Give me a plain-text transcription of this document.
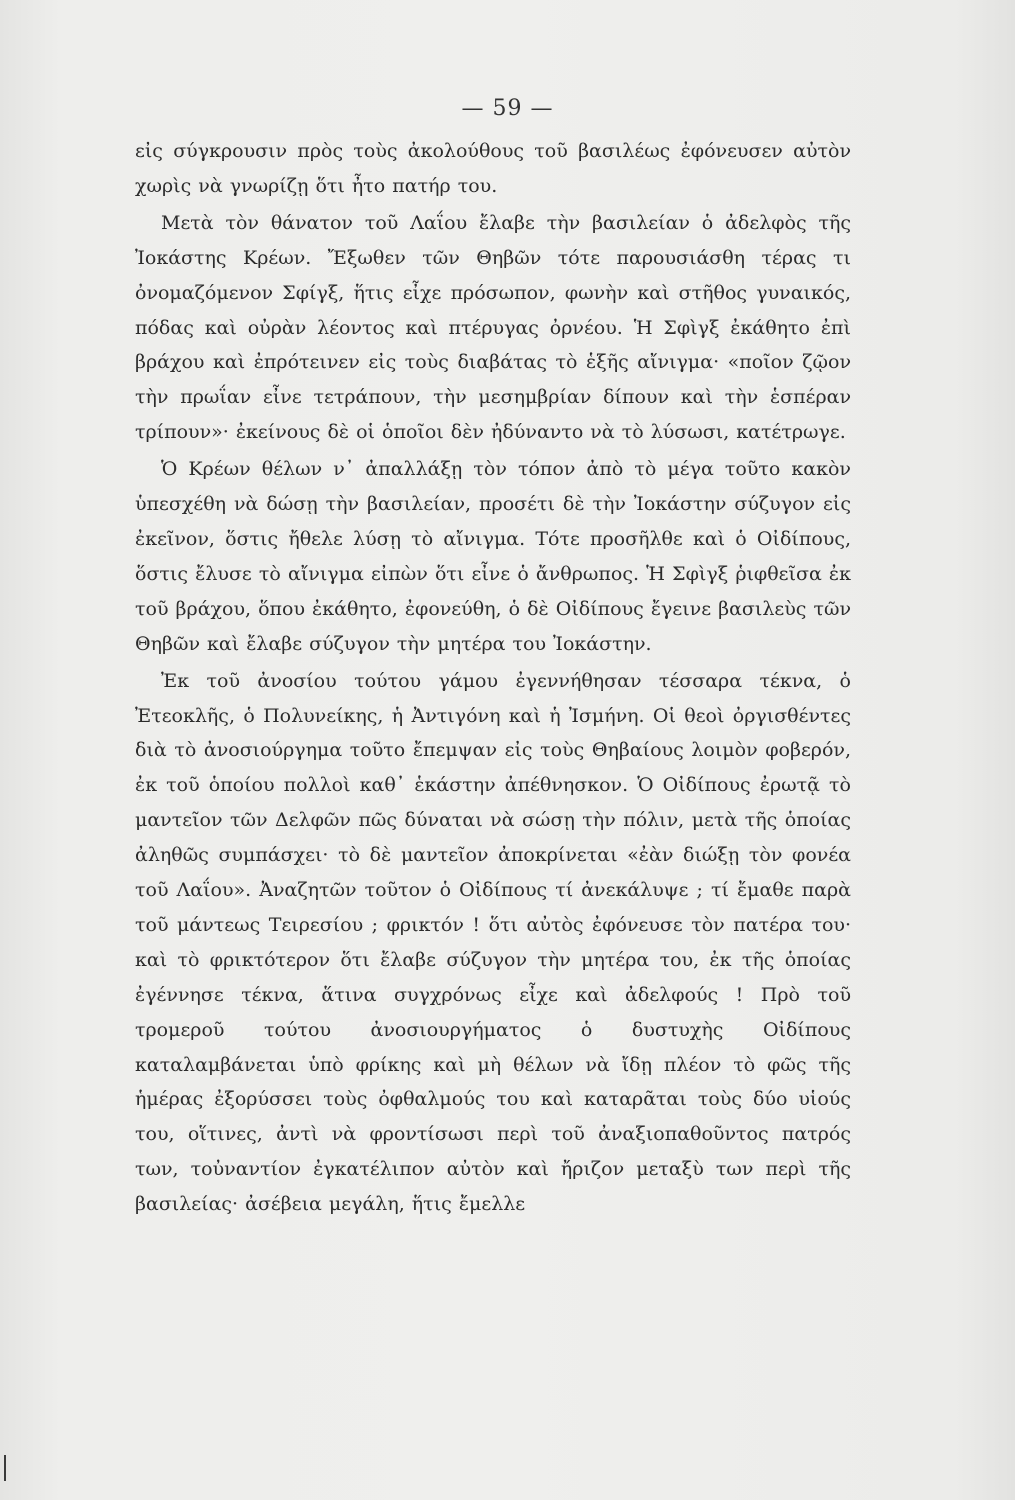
— 59 —

εἰς σύγκρουσιν πρὸς τοὺς ἀκολούθους τοῦ βασιλέως ἐφόνευσεν αὐτὸν χωρὶς νὰ γνωρίζῃ ὅτι ἦτο πατήρ του.

Μετὰ τὸν θάνατον τοῦ Λαΐου ἔλαβε τὴν βασιλείαν ὁ ἀδελφὸς τῆς Ἰοκάστης Κρέων. Ἔξωθεν τῶν Θηβῶν τότε παρουσιάσθη τέρας τι ὀνομαζόμενον Σφίγξ, ἥτις εἶχε πρόσωπον, φωνὴν καὶ στῆθος γυναικός, πόδας καὶ οὐρὰν λέοντος καὶ πτέρυγας ὀρνέου. Ἡ Σφὶγξ ἐκάθητο ἐπὶ βράχου καὶ ἐπρότεινεν εἰς τοὺς διαβάτας τὸ ἑξῆς αἴνιγμα· «ποῖον ζῷον τὴν πρωΐαν εἶνε τετράπουν, τὴν μεσημβρίαν δίπουν καὶ τὴν ἑσπέραν τρίπουν»· ἐκείνους δὲ οἱ ὁποῖοι δὲν ἠδύναντο νὰ τὸ λύσωσι, κατέτρωγε.

Ὁ Κρέων θέλων ν᾿ ἀπαλλάξῃ τὸν τόπον ἀπὸ τὸ μέγα τοῦτο κακὸν ὑπεσχέθη νὰ δώσῃ τὴν βασιλείαν, προσέτι δὲ τὴν Ἰοκάστην σύζυγον εἰς ἐκεῖνον, ὅστις ἤθελε λύσῃ τὸ αἴνιγμα. Τότε προσῆλθε καὶ ὁ Οἰδίπους, ὅστις ἔλυσε τὸ αἴνιγμα εἰπὼν ὅτι εἶνε ὁ ἄνθρωπος. Ἡ Σφὶγξ ῥιφθεῖσα ἐκ τοῦ βράχου, ὅπου ἐκάθητο, ἐφονεύθη, ὁ δὲ Οἰδίπους ἔγεινε βασιλεὺς τῶν Θηβῶν καὶ ἔλαβε σύζυγον τὴν μητέρα του Ἰοκάστην.

Ἐκ τοῦ ἀνοσίου τούτου γάμου ἐγεννήθησαν τέσσαρα τέκνα, ὁ Ἐτεοκλῆς, ὁ Πολυνείκης, ἡ Ἀντιγόνη καὶ ἡ Ἰσμήνη. Οἱ θεοὶ ὀργισθέντες διὰ τὸ ἀνοσιούργημα τοῦτο ἔπεμψαν εἰς τοὺς Θηβαίους λοιμὸν φοβερόν, ἐκ τοῦ ὁποίου πολλοὶ καθ᾿ ἑκάστην ἀπέθνησκον. Ὁ Οἰδίπους ἐρωτᾷ τὸ μαντεῖον τῶν Δελφῶν πῶς δύναται νὰ σώσῃ τὴν πόλιν, μετὰ τῆς ὁποίας ἀληθῶς συμπάσχει· τὸ δὲ μαντεῖον ἀποκρίνεται «ἐὰν διώξῃ τὸν φονέα τοῦ Λαΐου». Ἀναζητῶν τοῦτον ὁ Οἰδίπους τί ἀνεκάλυψε ; τί ἔμαθε παρὰ τοῦ μάντεως Τειρεσίου ; φρικτόν ! ὅτι αὐτὸς ἐφόνευσε τὸν πατέρα του· καὶ τὸ φρικτότερον ὅτι ἔλαβε σύζυγον τὴν μητέρα του, ἐκ τῆς ὁποίας ἐγέννησε τέκνα, ἅτινα συγχρόνως εἶχε καὶ ἀδελφούς ! Πρὸ τοῦ τρομεροῦ τούτου ἀνοσιουργήματος ὁ δυστυχὴς Οἰδίπους καταλαμβάνεται ὑπὸ φρίκης καὶ μὴ θέλων νὰ ἴδῃ πλέον τὸ φῶς τῆς ἡμέρας ἐξορύσσει τοὺς ὀφθαλμούς του καὶ καταρᾶται τοὺς δύο υἱούς του, οἵτινες, ἀντὶ νὰ φροντίσωσι περὶ τοῦ ἀναξιοπαθοῦντος πατρός των, τοὐναντίον ἐγκατέλιπον αὐτὸν καὶ ἤριζον μεταξὺ των περὶ τῆς βασιλείας· ἀσέβεια μεγάλη, ἥτις ἔμελλε
